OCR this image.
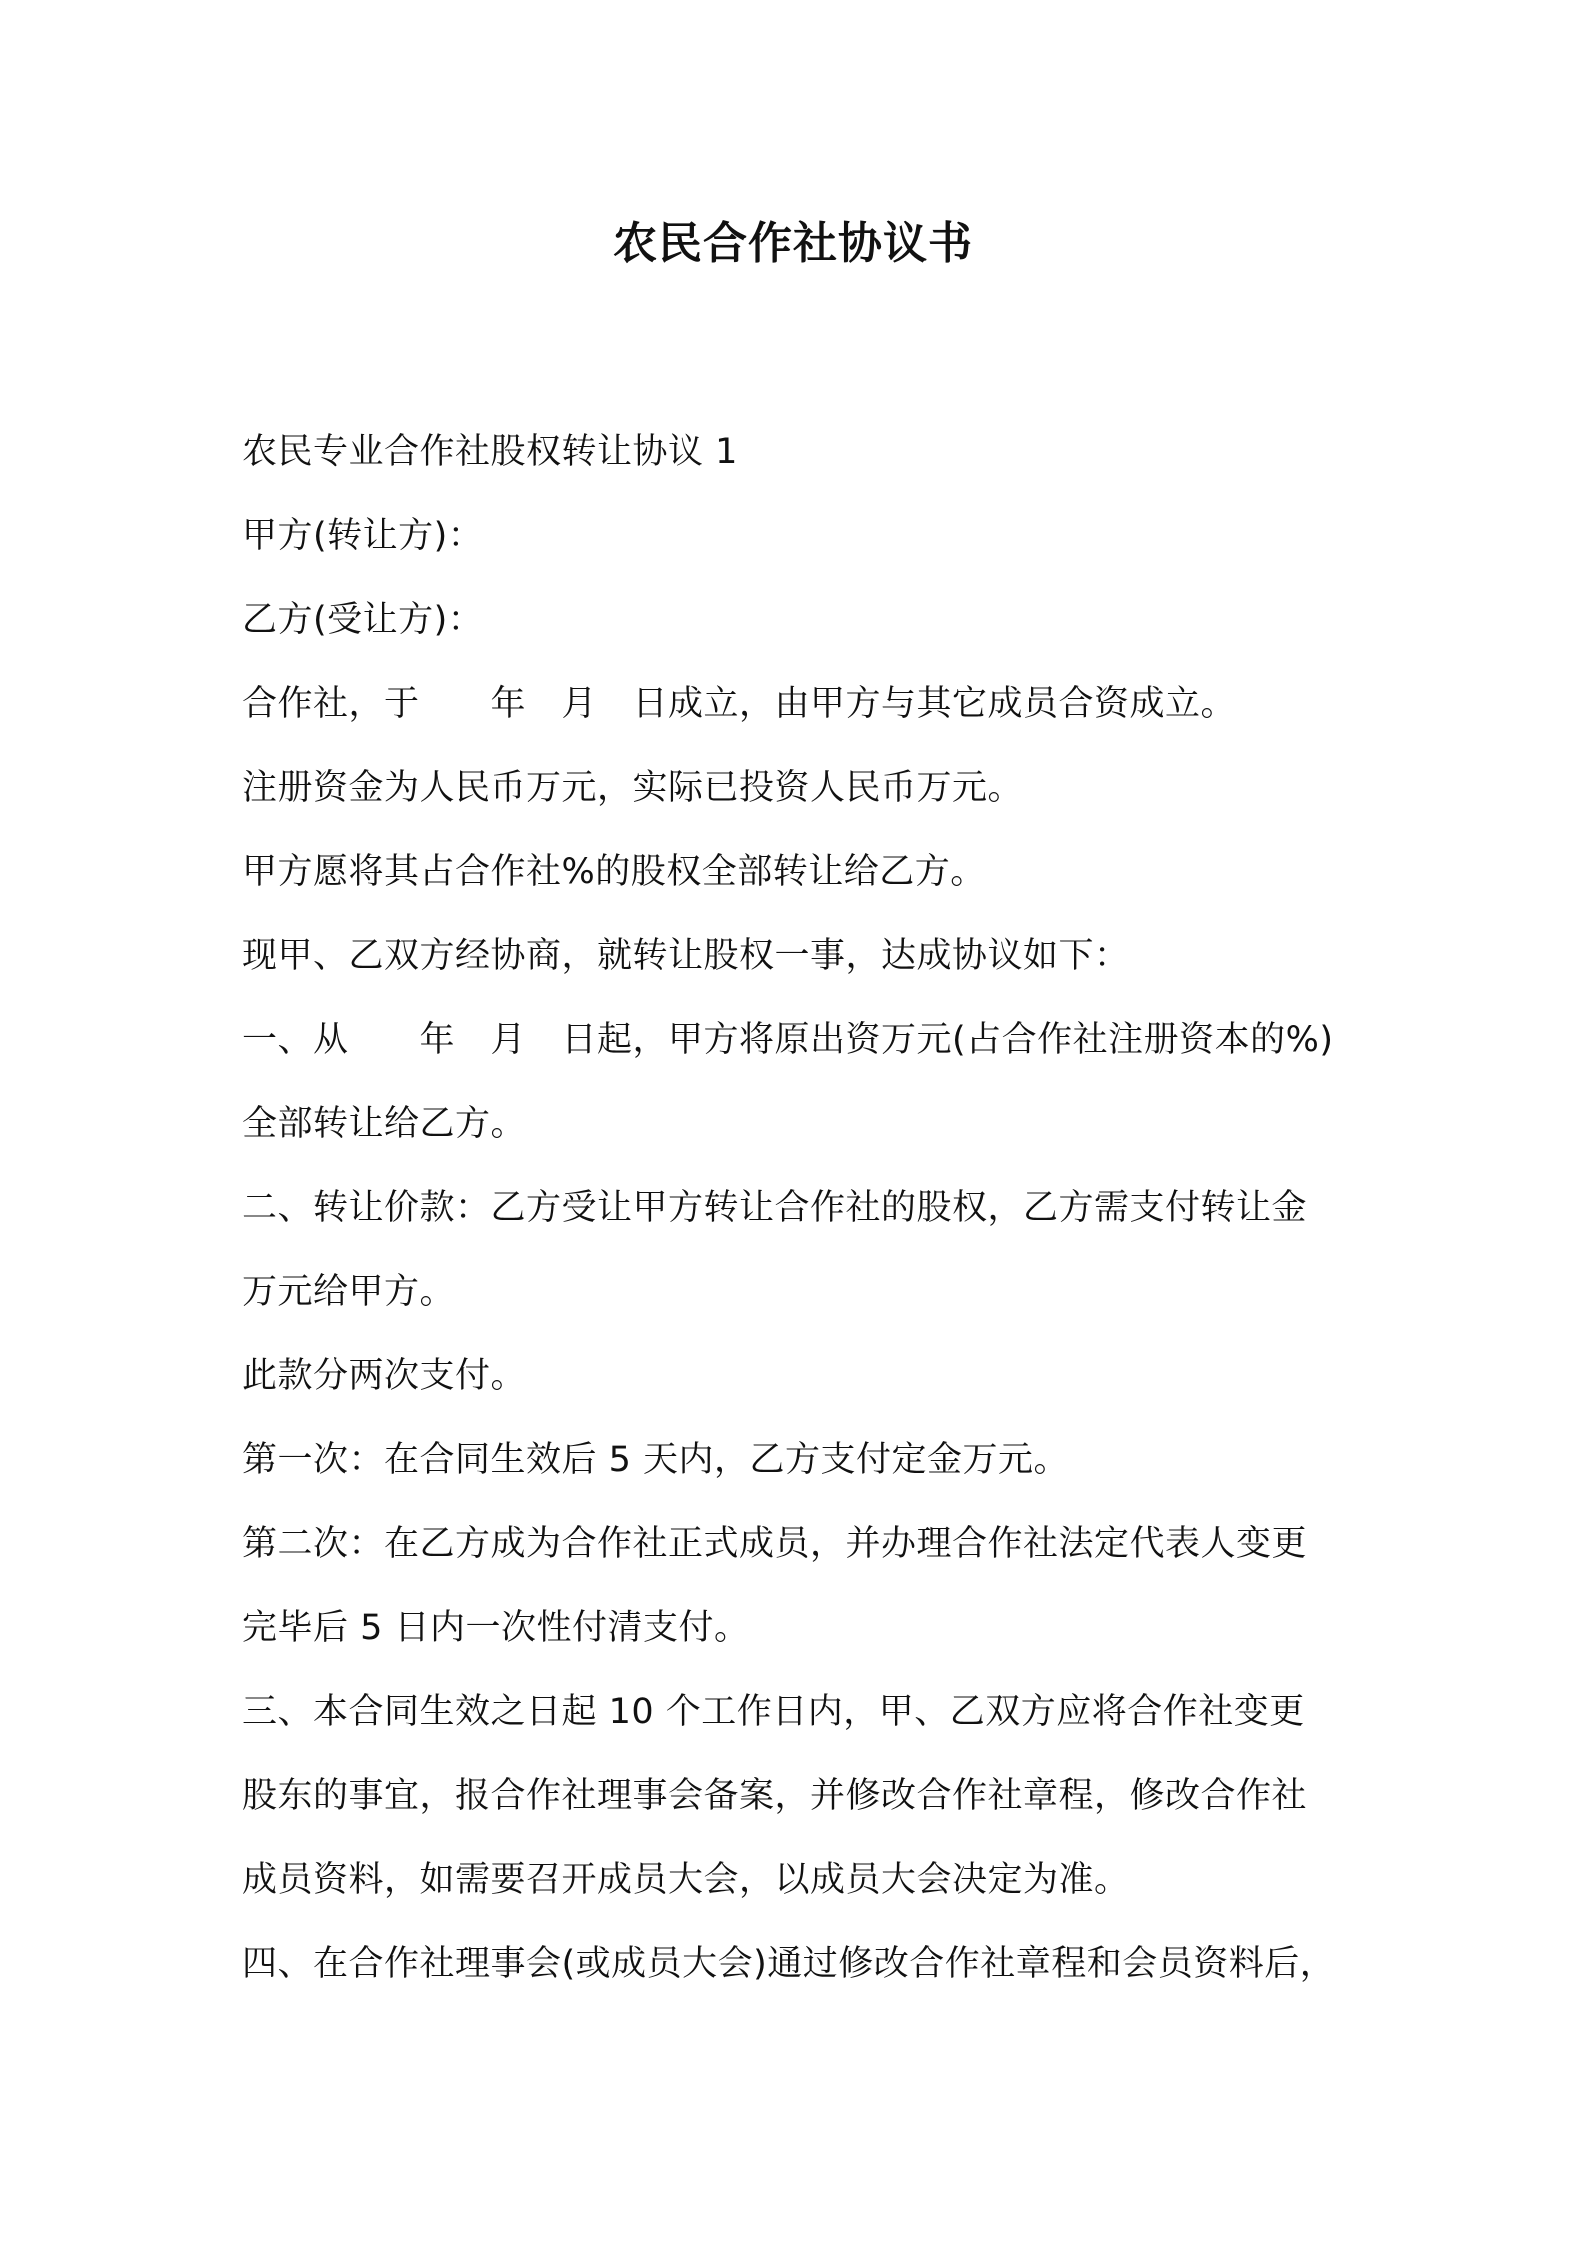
农民合作社协议书
农民专业合作社股权转让协议 1
甲方(转让方)：
乙方(受让方)：
合作社，于　　年　月　日成立，由甲方与其它成员合资成立。
注册资金为人民币万元，实际已投资人民币万元。
甲方愿将其占合作社%的股权全部转让给乙方。
现甲、乙双方经协商，就转让股权一事，达成协议如下：
一、从　　年　月　日起，甲方将原出资万元(占合作社注册资本的%)
全部转让给乙方。
二、转让价款：乙方受让甲方转让合作社的股权，乙方需支付转让金
万元给甲方。
此款分两次支付。
第一次：在合同生效后 5 天内，乙方支付定金万元。
第二次：在乙方成为合作社正式成员，并办理合作社法定代表人变更
完毕后 5 日内一次性付清支付。
三、本合同生效之日起 10 个工作日内，甲、乙双方应将合作社变更
股东的事宜，报合作社理事会备案，并修改合作社章程，修改合作社
成员资料，如需要召开成员大会，以成员大会决定为准。
四、在合作社理事会(或成员大会)通过修改合作社章程和会员资料后，
